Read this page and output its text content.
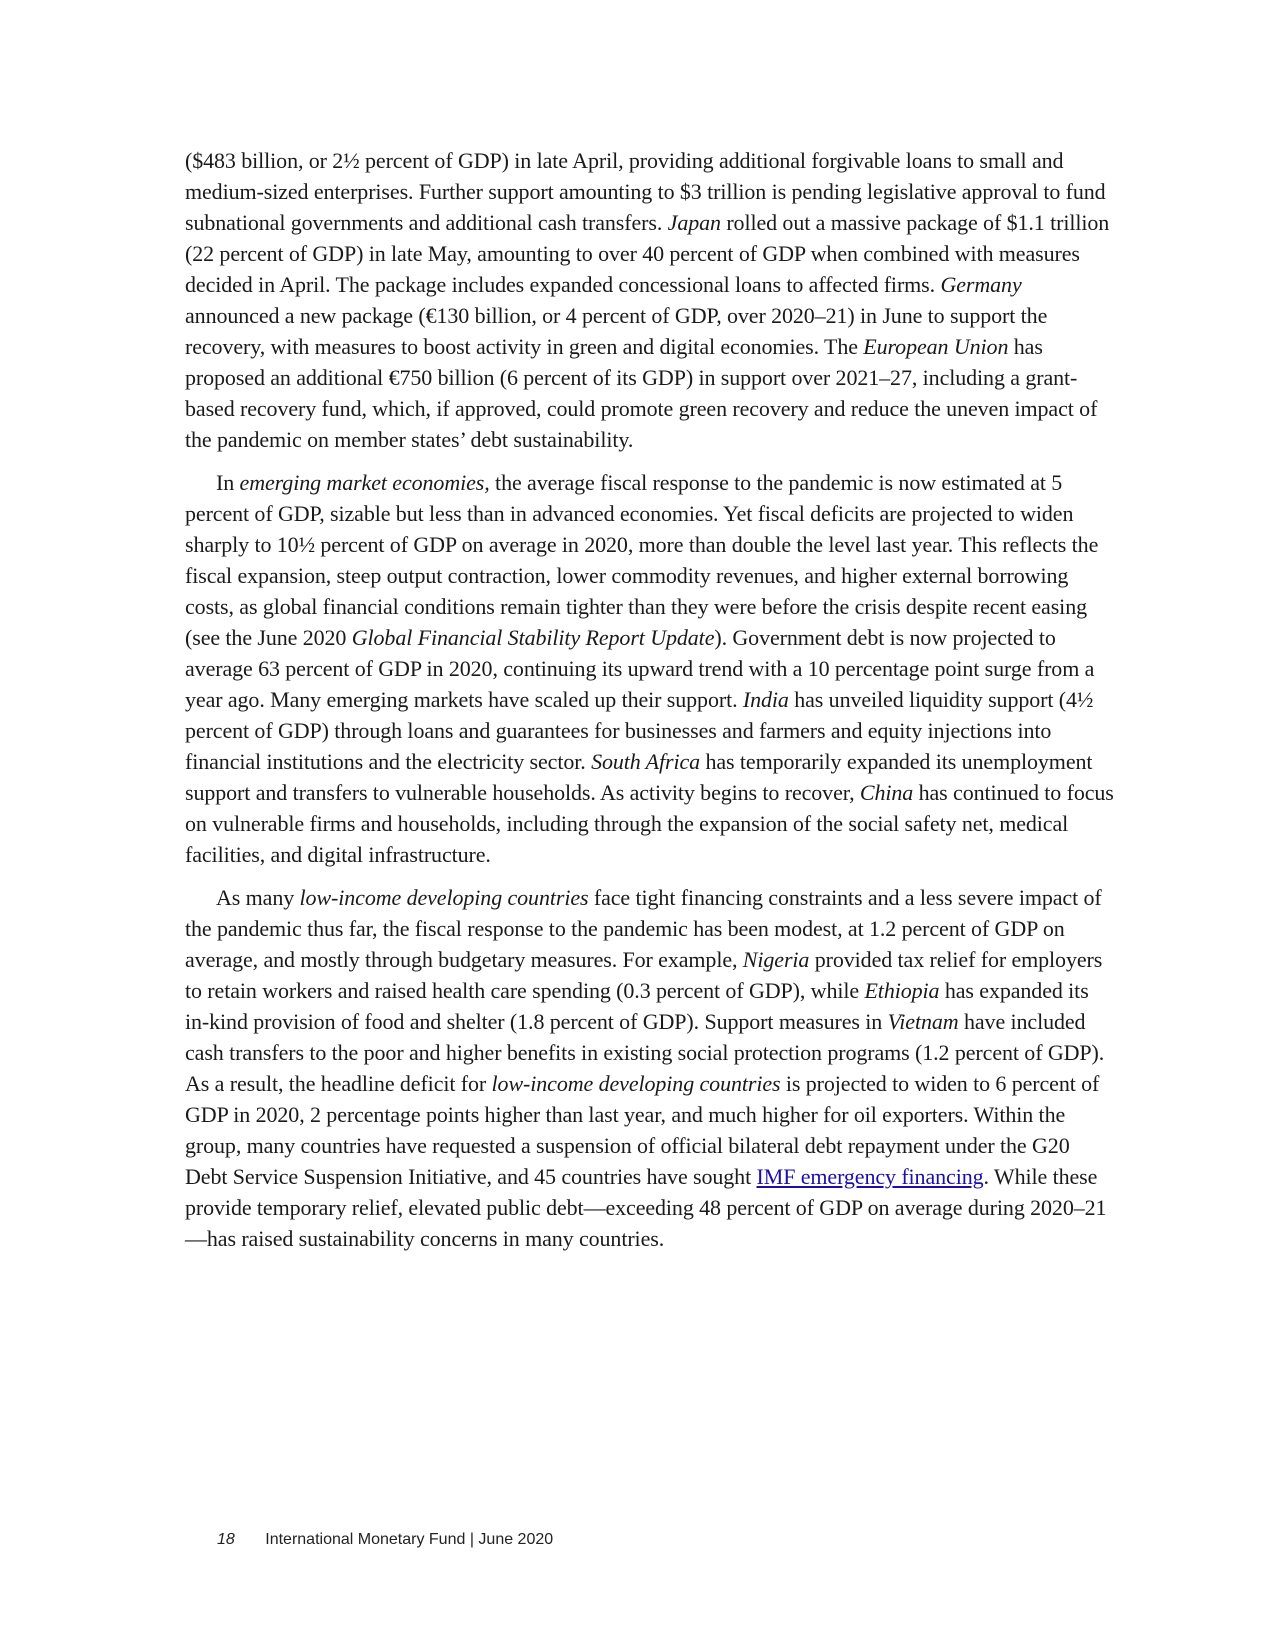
($483 billion, or 2½ percent of GDP) in late April, providing additional forgivable loans to small and medium-sized enterprises. Further support amounting to $3 trillion is pending legislative approval to fund subnational governments and additional cash transfers. Japan rolled out a massive package of $1.1 trillion (22 percent of GDP) in late May, amounting to over 40 percent of GDP when combined with measures decided in April. The package includes expanded concessional loans to affected firms. Germany announced a new package (€130 billion, or 4 percent of GDP, over 2020–21) in June to support the recovery, with measures to boost activity in green and digital economies. The European Union has proposed an additional €750 billion (6 percent of its GDP) in support over 2021–27, including a grant-based recovery fund, which, if approved, could promote green recovery and reduce the uneven impact of the pandemic on member states’ debt sustainability.

In emerging market economies, the average fiscal response to the pandemic is now estimated at 5 percent of GDP, sizable but less than in advanced economies. Yet fiscal deficits are projected to widen sharply to 10½ percent of GDP on average in 2020, more than double the level last year. This reflects the fiscal expansion, steep output contraction, lower commodity revenues, and higher external borrowing costs, as global financial conditions remain tighter than they were before the crisis despite recent easing (see the June 2020 Global Financial Stability Report Update). Government debt is now projected to average 63 percent of GDP in 2020, continuing its upward trend with a 10 percentage point surge from a year ago. Many emerging markets have scaled up their support. India has unveiled liquidity support (4½ percent of GDP) through loans and guarantees for businesses and farmers and equity injections into financial institutions and the electricity sector. South Africa has temporarily expanded its unemployment support and transfers to vulnerable households. As activity begins to recover, China has continued to focus on vulnerable firms and households, including through the expansion of the social safety net, medical facilities, and digital infrastructure.

As many low-income developing countries face tight financing constraints and a less severe impact of the pandemic thus far, the fiscal response to the pandemic has been modest, at 1.2 percent of GDP on average, and mostly through budgetary measures. For example, Nigeria provided tax relief for employers to retain workers and raised health care spending (0.3 percent of GDP), while Ethiopia has expanded its in-kind provision of food and shelter (1.8 percent of GDP). Support measures in Vietnam have included cash transfers to the poor and higher benefits in existing social protection programs (1.2 percent of GDP). As a result, the headline deficit for low-income developing countries is projected to widen to 6 percent of GDP in 2020, 2 percentage points higher than last year, and much higher for oil exporters. Within the group, many countries have requested a suspension of official bilateral debt repayment under the G20 Debt Service Suspension Initiative, and 45 countries have sought IMF emergency financing. While these provide temporary relief, elevated public debt—exceeding 48 percent of GDP on average during 2020–21—has raised sustainability concerns in many countries.

18 International Monetary Fund | June 2020
